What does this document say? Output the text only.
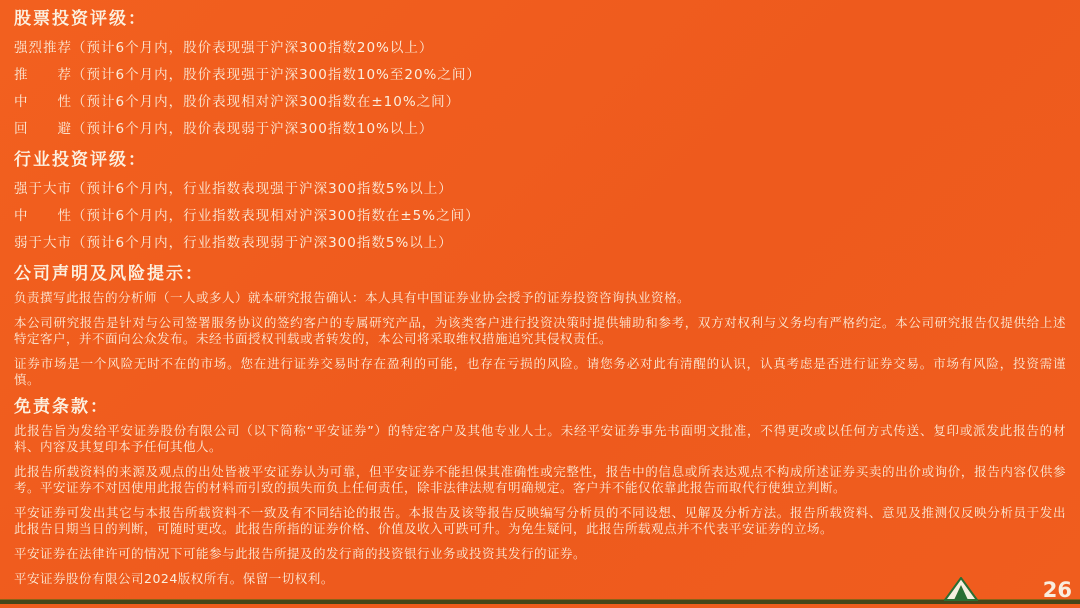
股票投资评级：
强烈推荐（预计6个月内，股价表现强于沪深300指数20%以上）
推　　荐（预计6个月内，股价表现强于沪深300指数10%至20%之间）
中　　性（预计6个月内，股价表现相对沪深300指数在±10%之间）
回　　避（预计6个月内，股价表现弱于沪深300指数10%以上）
行业投资评级：
强于大市（预计6个月内，行业指数表现强于沪深300指数5%以上）
中　　性（预计6个月内，行业指数表现相对沪深300指数在±5%之间）
弱于大市（预计6个月内，行业指数表现弱于沪深300指数5%以上）
公司声明及风险提示：
负责撰写此报告的分析师（一人或多人）就本研究报告确认：本人具有中国证券业协会授予的证券投资咨询执业资格。
本公司研究报告是针对与公司签署服务协议的签约客户的专属研究产品，为该类客户进行投资决策时提供辅助和参考，双方对权利与义务均有严格约定。本公司研究报告仅提供给上述特定客户，并不面向公众发布。未经书面授权刊载或者转发的，本公司将采取维权措施追究其侵权责任。
证券市场是一个风险无时不在的市场。您在进行证券交易时存在盈利的可能，也存在亏损的风险。请您务必对此有清醒的认识，认真考虑是否进行证券交易。市场有风险，投资需谨慎。
免责条款：
此报告旨为发给平安证券股份有限公司（以下简称“平安证券”）的特定客户及其他专业人士。未经平安证券事先书面明文批准，不得更改或以任何方式传送、复印或派发此报告的材料、内容及其复印本予任何其他人。
此报告所载资料的来源及观点的出处皆被平安证券认为可靠，但平安证券不能担保其准确性或完整性，报告中的信息或所表达观点不构成所述证券买卖的出价或询价，报告内容仅供参考。平安证券不对因使用此报告的材料而引致的损失而负上任何责任，除非法律法规有明确规定。客户并不能仅依靠此报告而取代行使独立判断。
平安证券可发出其它与本报告所载资料不一致及有不同结论的报告。本报告及该等报告反映编写分析员的不同设想、见解及分析方法。报告所载资料、意见及推测仅反映分析员于发出此报告日期当日的判断，可随时更改。此报告所指的证券价格、价值及收入可跌可升。为免生疑问，此报告所载观点并不代表平安证券的立场。
平安证券在法律许可的情况下可能参与此报告所提及的发行商的投资银行业务或投资其发行的证券。
平安证券股份有限公司2024版权所有。保留一切权利。	26
